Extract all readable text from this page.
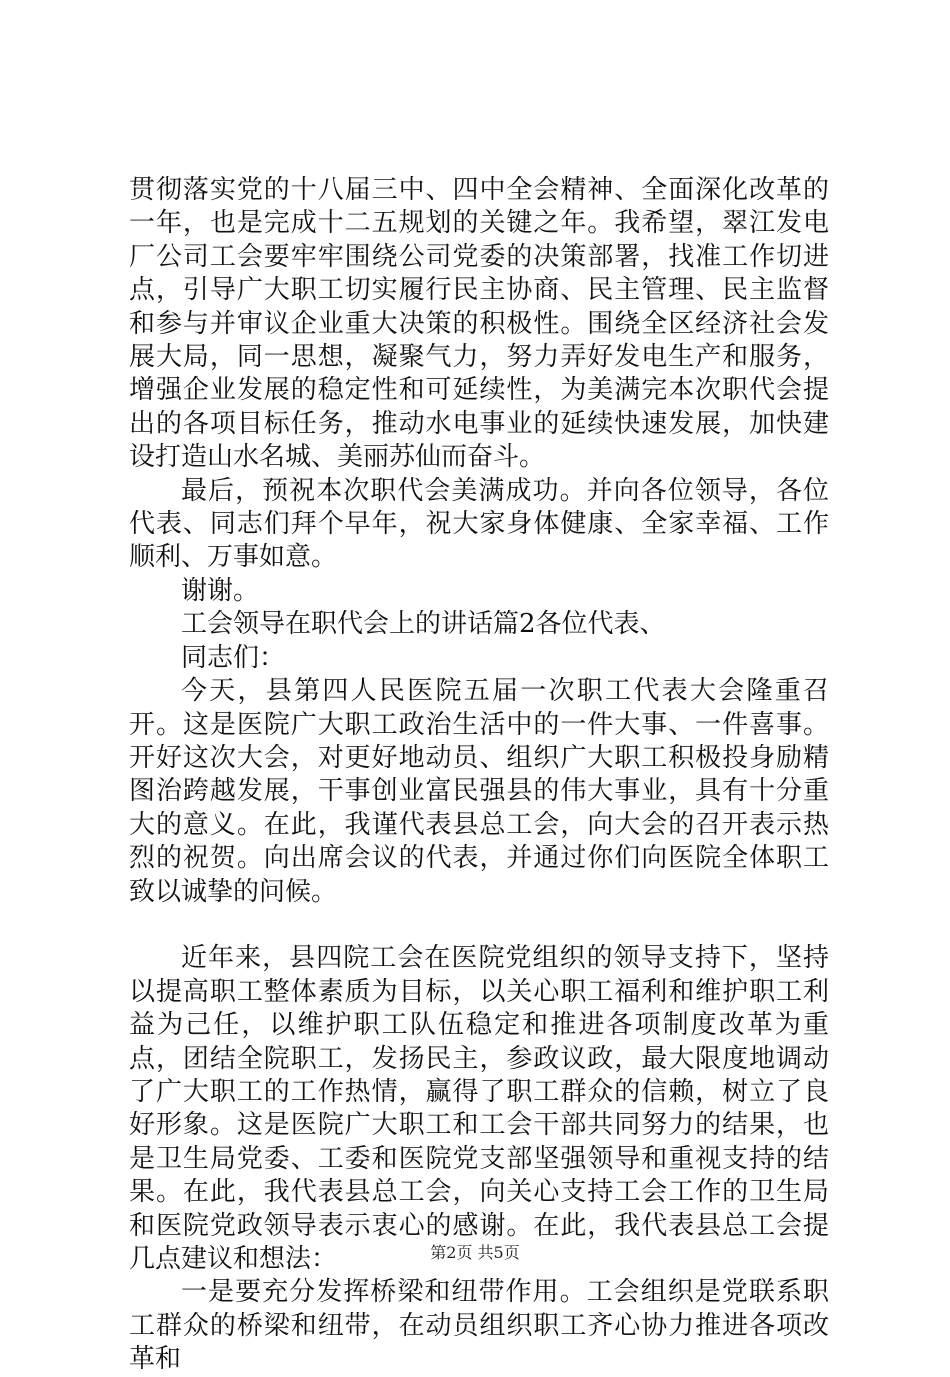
贯彻落实党的十八届三中、四中全会精神、全面深化改革的一年，也是完成十二五规划的关键之年。我希望，翠江发电厂公司工会要牢牢围绕公司党委的决策部署，找准工作切进点，引导广大职工切实履行民主协商、民主管理、民主监督和参与并审议企业重大决策的积极性。围绕全区经济社会发展大局，同一思想，凝聚气力，努力弄好发电生产和服务，增强企业发展的稳定性和可延续性，为美满完本次职代会提出的各项目标任务，推动水电事业的延续快速发展，加快建设打造山水名城、美丽苏仙而奋斗。

最后，预祝本次职代会美满成功。并向各位领导，各位代表、同志们拜个早年，祝大家身体健康、全家幸福、工作顺利、万事如意。

谢谢。

工会领导在职代会上的讲话篇2各位代表、

同志们：

今天，县第四人民医院五届一次职工代表大会隆重召开。这是医院广大职工政治生活中的一件大事、一件喜事。开好这次大会，对更好地动员、组织广大职工积极投身励精图治跨越发展，干事创业富民强县的伟大事业，具有十分重大的意义。在此，我谨代表县总工会，向大会的召开表示热烈的祝贺。向出席会议的代表，并通过你们向医院全体职工致以诚挚的问候。

近年来，县四院工会在医院党组织的领导支持下，坚持以提高职工整体素质为目标，以关心职工福利和维护职工利益为己任，以维护职工队伍稳定和推进各项制度改革为重点，团结全院职工，发扬民主，参政议政，最大限度地调动了广大职工的工作热情，赢得了职工群众的信赖，树立了良好形象。这是医院广大职工和工会干部共同努力的结果，也是卫生局党委、工委和医院党支部坚强领导和重视支持的结果。在此，我代表县总工会，向关心支持工会工作的卫生局和医院党政领导表示衷心的感谢。在此，我代表县总工会提几点建议和想法：

一是要充分发挥桥梁和纽带作用。工会组织是党联系职工群众的桥梁和纽带，在动员组织职工齐心协力推进各项改革和

第2页 共5页
